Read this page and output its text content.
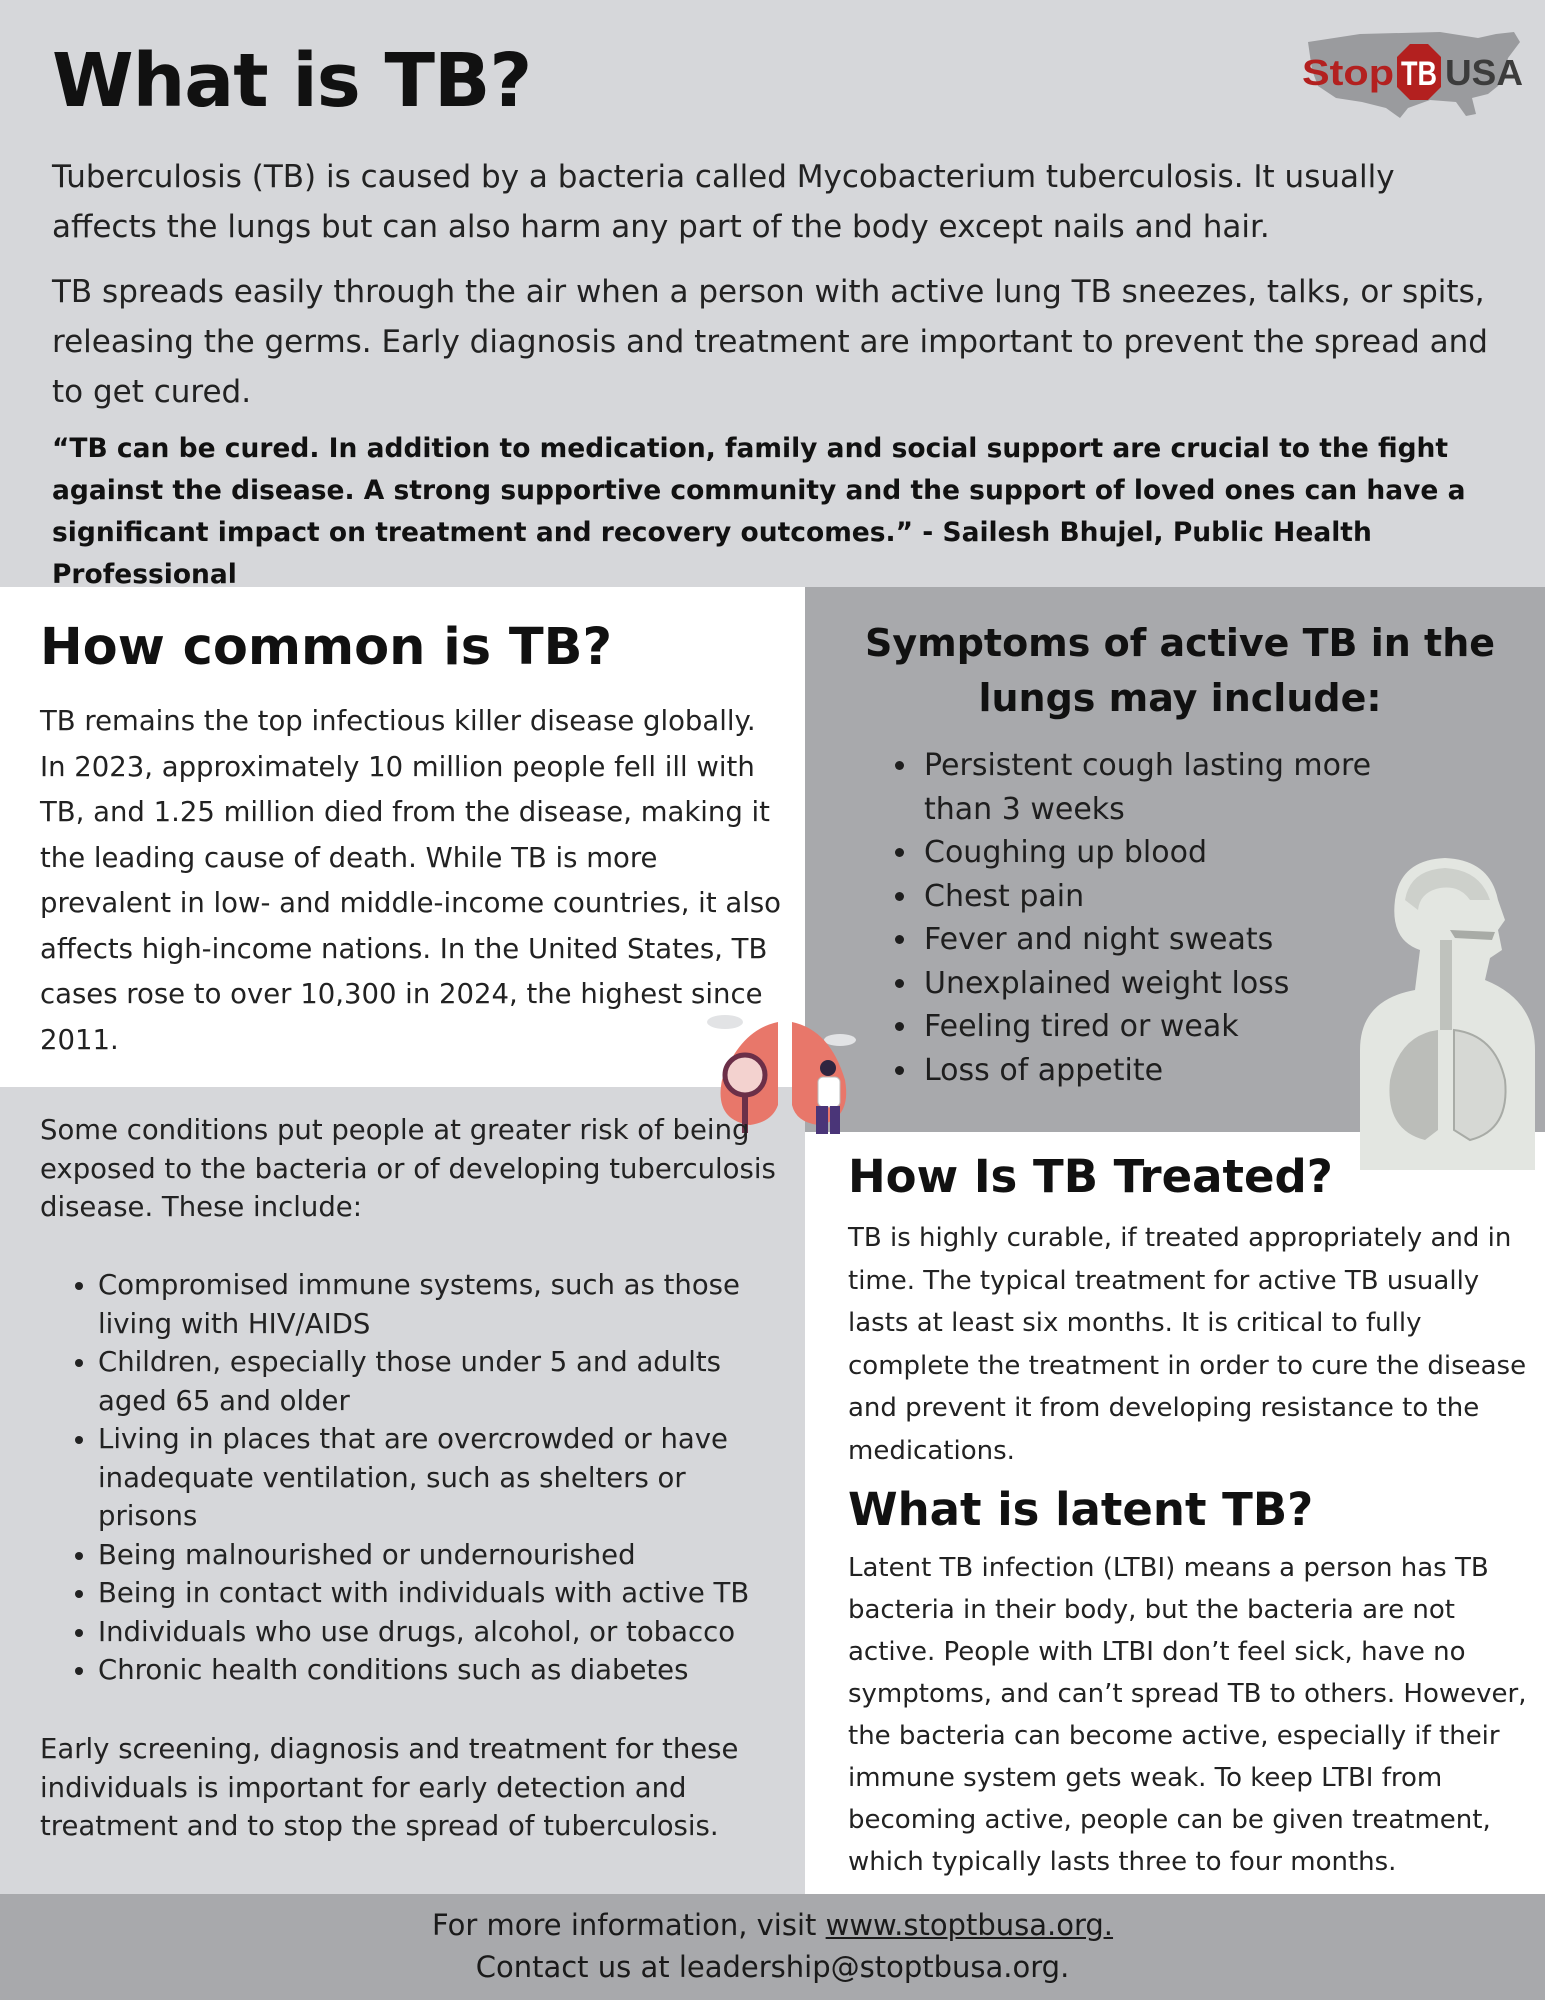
What is TB?	Stop TB USA

Tuberculosis (TB) is caused by a bacteria called Mycobacterium tuberculosis. It usually affects the lungs but can also harm any part of the body except nails and hair.

TB spreads easily through the air when a person with active lung TB sneezes, talks, or spits, releasing the germs. Early diagnosis and treatment are important to prevent the spread and to get cured.

“TB can be cured. In addition to medication, family and social support are crucial to the fight against the disease. A strong supportive community and the support of loved ones can have a significant impact on treatment and recovery outcomes.” - Sailesh Bhujel, Public Health Professional

How common is TB?

TB remains the top infectious killer disease globally. In 2023, approximately 10 million people fell ill with TB, and 1.25 million died from the disease, making it the leading cause of death. While TB is more prevalent in low- and middle-income countries, it also affects high-income nations. In the United States, TB cases rose to over 10,300 in 2024, the highest since 2011.

Symptoms of active TB in the lungs may include:
• Persistent cough lasting more than 3 weeks
• Coughing up blood
• Chest pain
• Fever and night sweats
• Unexplained weight loss
• Feeling tired or weak
• Loss of appetite

Some conditions put people at greater risk of being exposed to the bacteria or of developing tuberculosis disease. These include:

• Compromised immune systems, such as those living with HIV/AIDS
• Children, especially those under 5 and adults aged 65 and older
• Living in places that are overcrowded or have inadequate ventilation, such as shelters or prisons
• Being malnourished or undernourished
• Being in contact with individuals with active TB
• Individuals who use drugs, alcohol, or tobacco
• Chronic health conditions such as diabetes

Early screening, diagnosis and treatment for these individuals is important for early detection and treatment and to stop the spread of tuberculosis.

How Is TB Treated?

TB is highly curable, if treated appropriately and in time. The typical treatment for active TB usually lasts at least six months. It is critical to fully complete the treatment in order to cure the disease and prevent it from developing resistance to the medications.

What is latent TB?

Latent TB infection (LTBI) means a person has TB bacteria in their body, but the bacteria are not active. People with LTBI don’t feel sick, have no symptoms, and can’t spread TB to others. However, the bacteria can become active, especially if their immune system gets weak. To keep LTBI from becoming active, people can be given treatment, which typically lasts three to four months.

For more information, visit www.stoptbusa.org.

Contact us at leadership@stoptbusa.org.
